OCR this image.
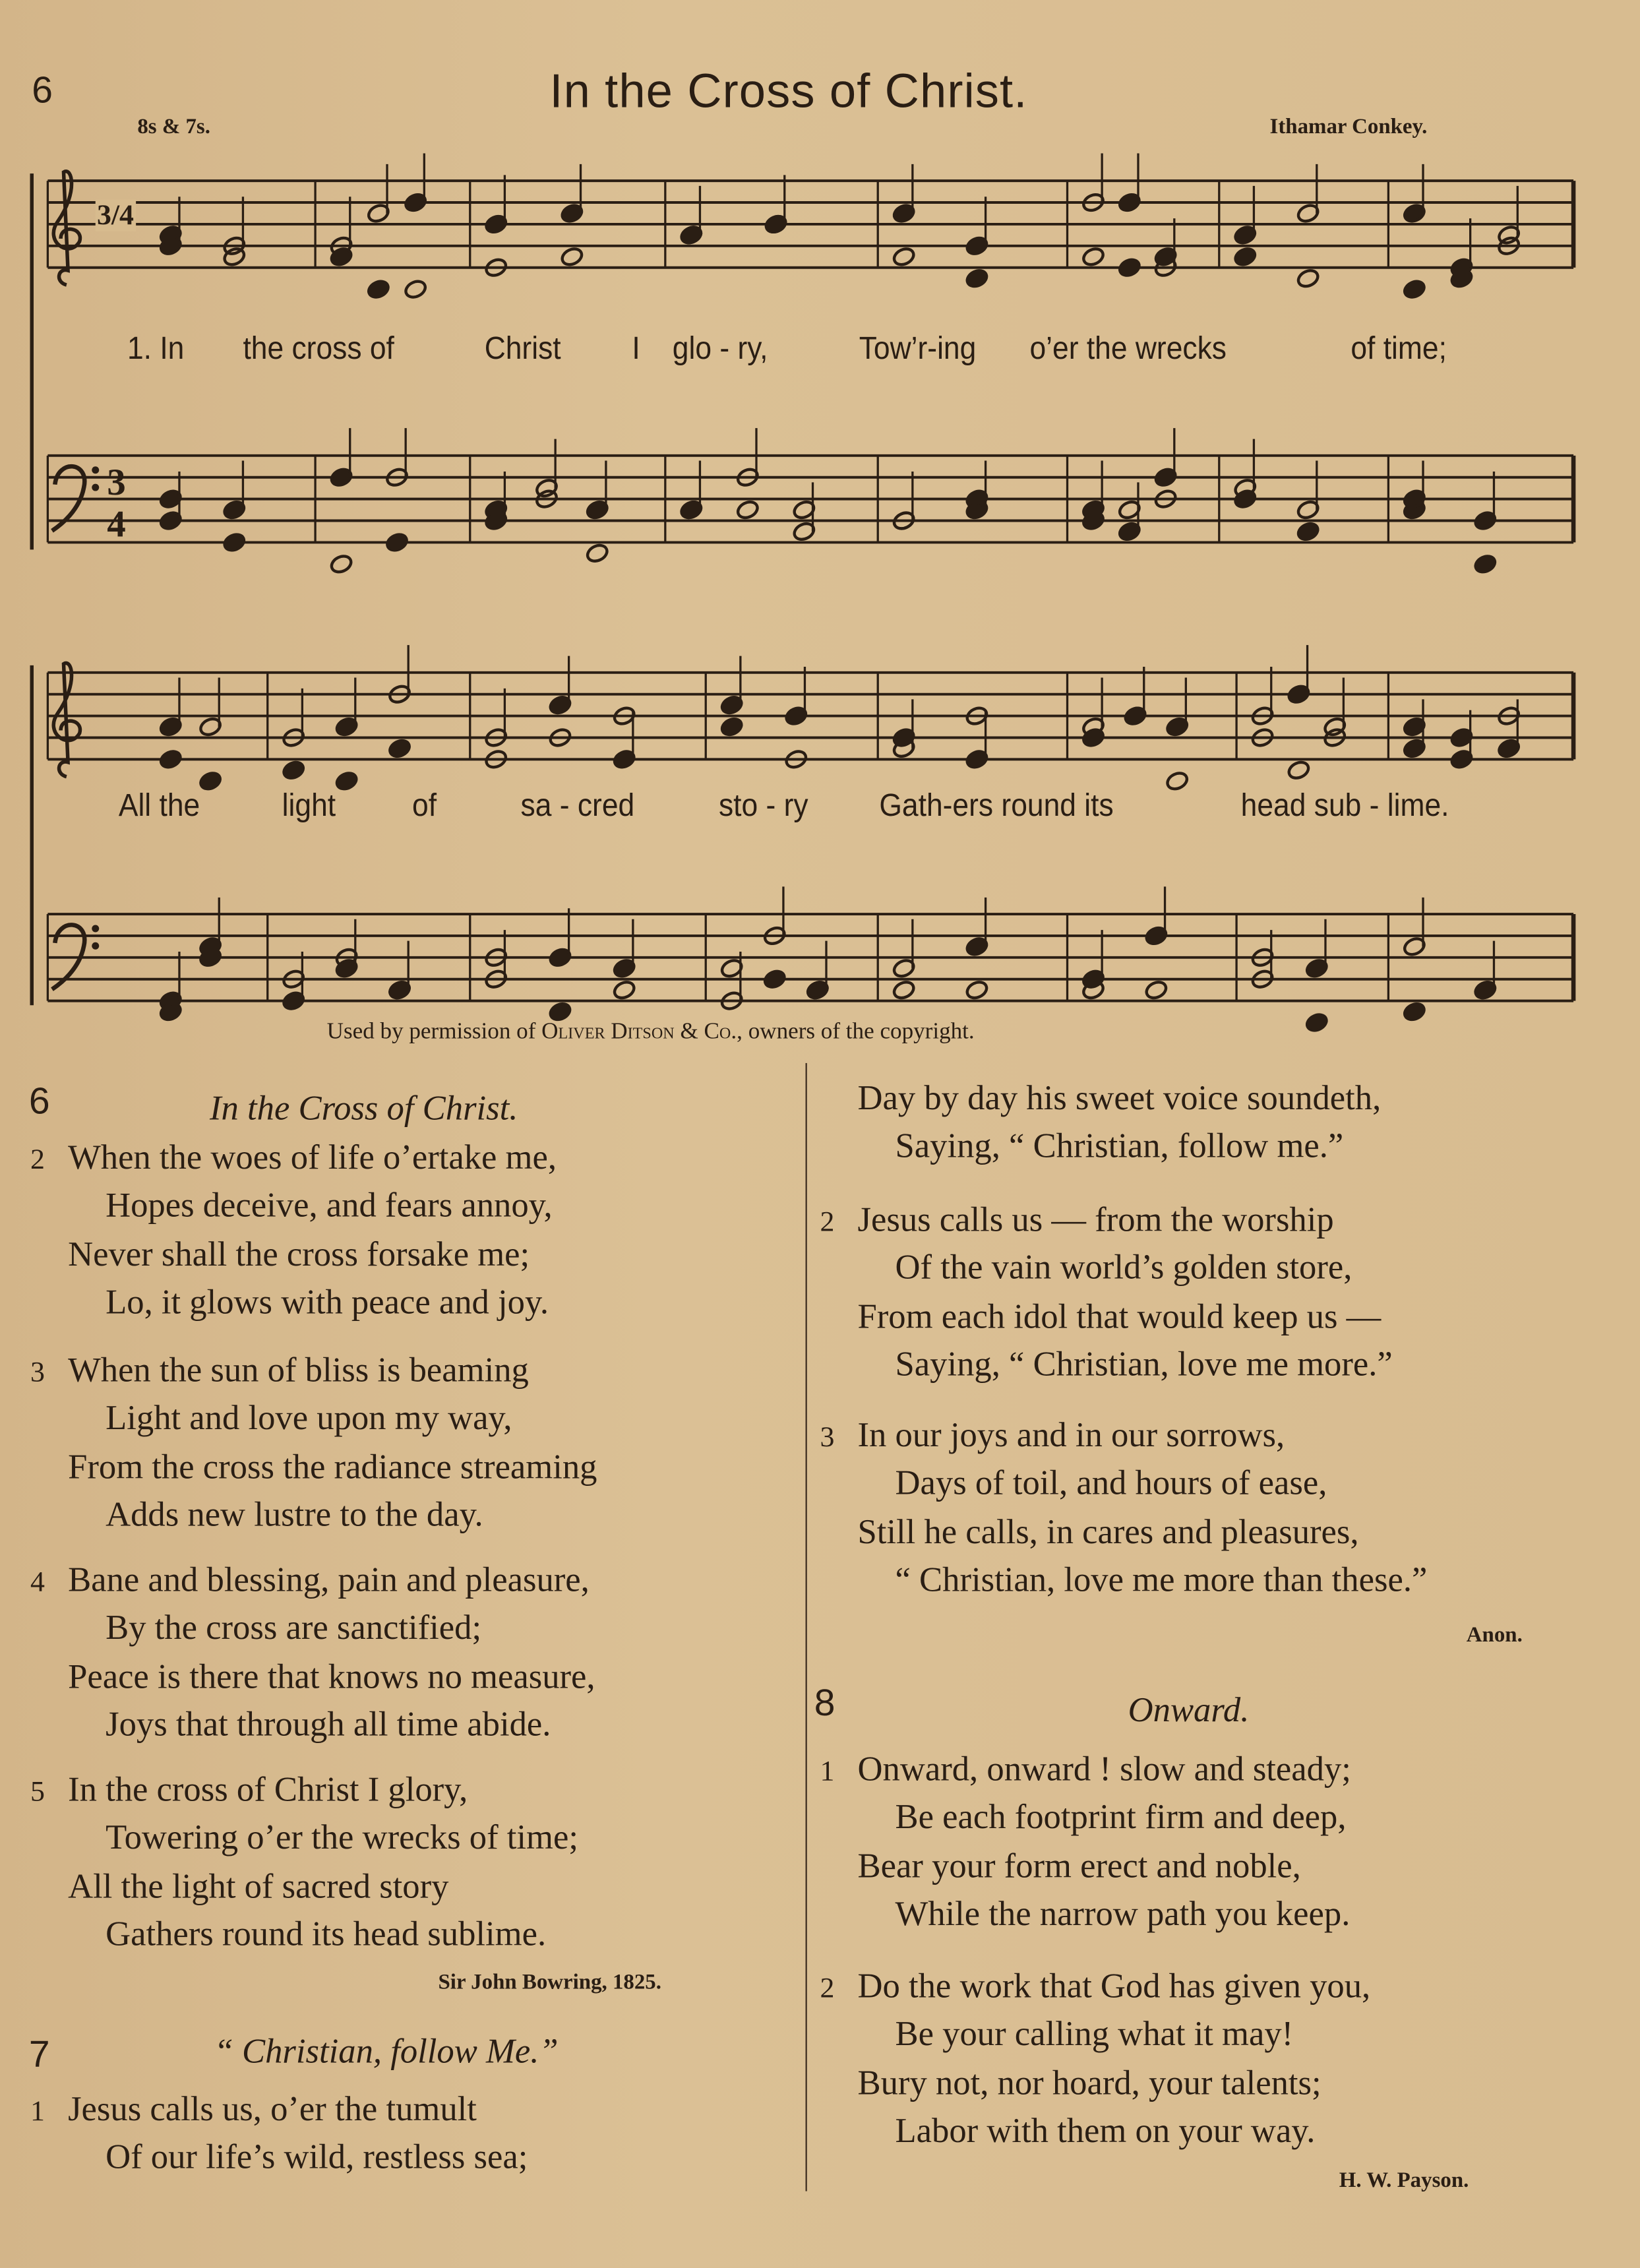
6	In the Cross of Christ.
8s & 7s.	Ithamar Conkey.
3
4
3/4
1. In	the cross of	Christ	I glo - ry,	Tow’r-ing	o’er the wrecks	of time;
All the	light	of	sa - cred	sto - ry	Gath-ers round its	head sub - lime.
Used by permission of Oliver Ditson & Co., owners of the copyright.
6	In the Cross of Christ.
2 When the woes of life o’ertake me,
Hopes deceive, and fears annoy,
Never shall the cross forsake me;
Lo, it glows with peace and joy.
3 When the sun of bliss is beaming
Light and love upon my way,
From the cross the radiance streaming
Adds new lustre to the day.
4 Bane and blessing, pain and pleasure,
By the cross are sanctified;
Peace is there that knows no measure,
Joys that through all time abide.
5 In the cross of Christ I glory,
Towering o’er the wrecks of time;
All the light of sacred story
Gathers round its head sublime.
Sir John Bowring, 1825.
7	“ Christian, follow Me.”
1 Jesus calls us, o’er the tumult
Of our life’s wild, restless sea;
Day by day his sweet voice soundeth,
Saying, “ Christian, follow me.”
2 Jesus calls us — from the worship
Of the vain world’s golden store,
From each idol that would keep us —
Saying, “ Christian, love me more.”
3 In our joys and in our sorrows,
Days of toil, and hours of ease,
Still he calls, in cares and pleasures,
“ Christian, love me more than these.”
Anon.
8	Onward.
1 Onward, onward ! slow and steady;
Be each footprint firm and deep,
Bear your form erect and noble,
While the narrow path you keep.
2 Do the work that God has given you,
Be your calling what it may!
Bury not, nor hoard, your talents;
Labor with them on your way.
H. W. Payson.
